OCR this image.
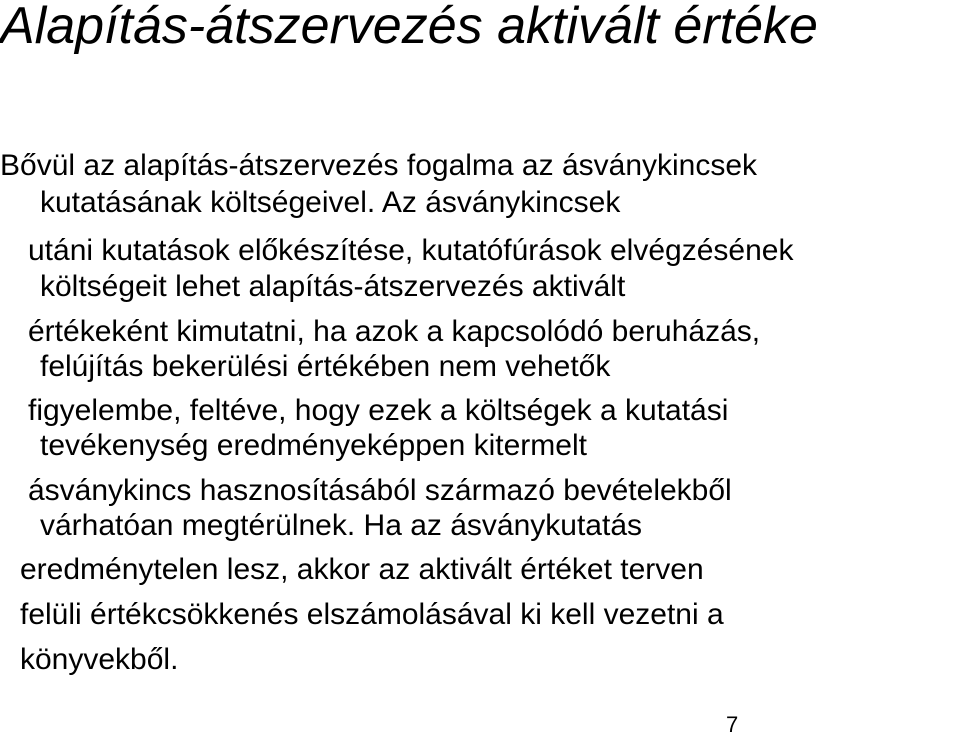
Alapítás-átszervezés aktivált értéke

Bővül az alapítás-átszervezés fogalma az ásványkincsek

kutatásának költségeivel. Az ásványkincsek

utáni kutatások előkészítése, kutatófúrások elvégzésének

költségeit lehet alapítás-átszervezés aktivált

értékeként kimutatni, ha azok a kapcsolódó beruházás,

felújítás bekerülési értékében nem vehetők

figyelembe, feltéve, hogy ezek a költségek a kutatási

tevékenység eredményeképpen kitermelt

ásványkincs hasznosításából származó bevételekből

várhatóan megtérülnek. Ha az ásványkutatás

eredménytelen lesz, akkor az aktivált értéket terven

felüli értékcsökkenés elszámolásával ki kell vezetni a

könyvekből.

7
